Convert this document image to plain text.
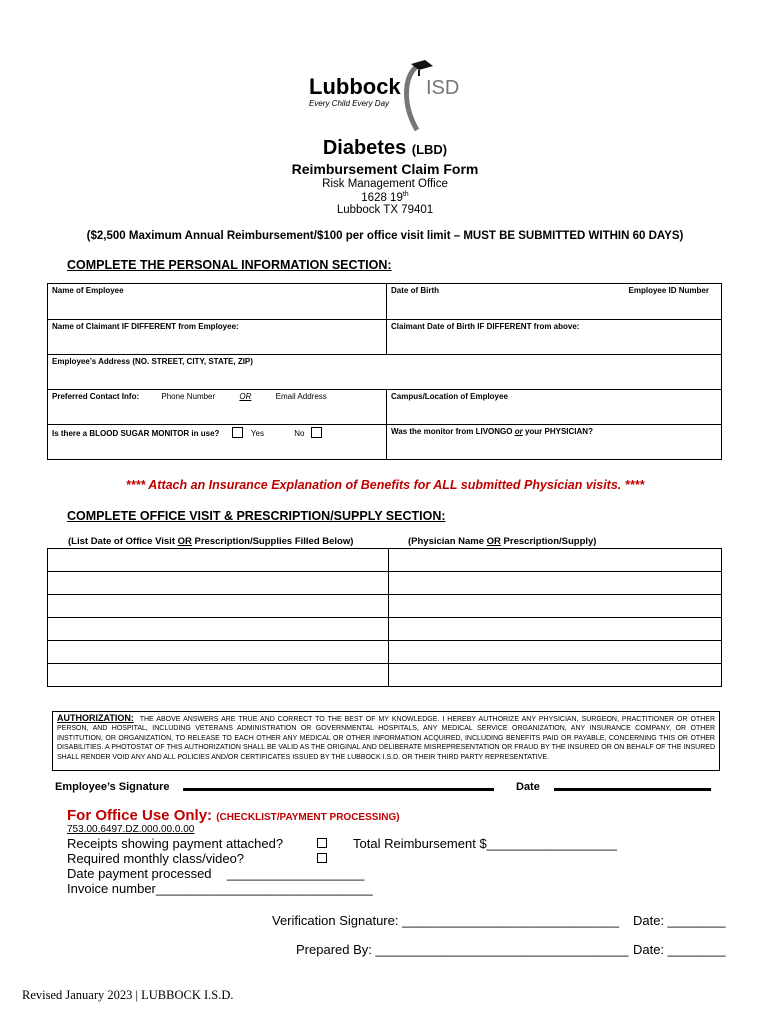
Lubbock ISD
Every Child Every Day
Diabetes (LBD)
Reimbursement Claim Form
Risk Management Office
1628 19th
Lubbock TX 79401
($2,500 Maximum Annual Reimbursement/$100 per office visit limit – MUST BE SUBMITTED WITHIN 60 DAYS)
COMPLETE THE PERSONAL INFORMATION SECTION:
Name of Employee	Date of Birth Employee ID Number

Name of Claimant IF DIFFERENT from Employee:	Claimant Date of Birth IF DIFFERENT from above:
Employee’s Address (NO. STREET, CITY, STATE, ZIP)	
Preferred Contact Info: Phone Number OR Email Address	Campus/Location of Employee
Is there a BLOOD SUGAR MONITOR in use? Yes No	Was the monitor from LIVONGO or your PHYSICIAN?
**** Attach an Insurance Explanation of Benefits for ALL submitted Physician visits. ****
COMPLETE OFFICE VISIT & PRESCRIPTION/SUPPLY SECTION:
(List Date of Office Visit OR Prescription/Supplies Filled Below)	(Physician Name OR Prescription/Supply)

AUTHORIZATION: THE ABOVE ANSWERS ARE TRUE AND CORRECT TO THE BEST OF MY KNOWLEDGE. I HEREBY AUTHORIZE ANY PHYSICIAN, SURGEON, PRACTITIONER OR OTHER PERSON, AND HOSPITAL, INCLUDING VETERANS ADMINISTRATION OR GOVERNMENTAL HOSPITALS, ANY MEDICAL SERVICE ORGANIZATION, ANY INSURANCE COMPANY, OR OTHER INSTITUTION, OR ORGANIZATION, TO RELEASE TO EACH OTHER ANY MEDICAL OR OTHER INFORMATION ACQUIRED, INCLUDING BENEFITS PAID OR PAYABLE, CONCERNING THIS OR OTHER DISABILITIES. A PHOTOSTAT OF THIS AUTHORIZATION SHALL BE VALID AS THE ORIGINAL AND DELIBERATE MISREPRESENTATION OR FRAUD BY THE INSURED OR ON BEHALF OF THE INSURED SHALL RENDER VOID ANY AND ALL POLICIES AND/OR CERTIFICATES ISSUED BY THE LUBBOCK I.S.D. OR THEIR THIRD PARTY REPRESENTATIVE.
Employee’s Signature	Date
For Office Use Only: (CHECKLIST/PAYMENT PROCESSING)
753.00.6497.DZ.000.00.0.00
Receipts showing payment attached?
Required monthly class/video?
Date payment processed ___________________
Invoice number______________________________
Total Reimbursement $__________________
Verification Signature: ______________________________ Date: ________
Prepared By: ___________________________________ Date: ________
Revised January 2023 | LUBBOCK I.S.D.
